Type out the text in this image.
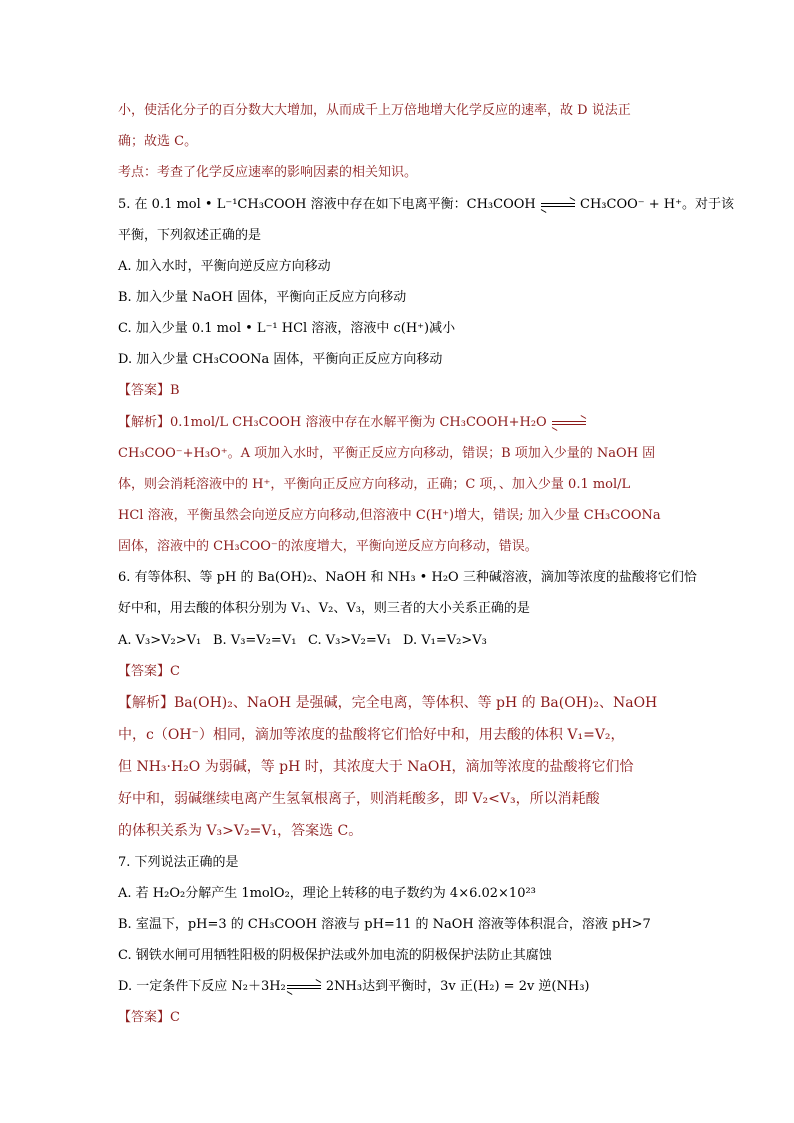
小，使活化分子的百分数大大增加，从而成千上万倍地增大化学反应的速率，故 D 说法正
确；故选 C。
考点：考查了化学反应速率的影响因素的相关知识。
5. 在 0.1 mol • L⁻¹CH₃COOH 溶液中存在如下电离平衡：CH₃COOH	CH₃COO⁻ + H⁺。对于该
平衡，下列叙述正确的是
A. 加入水时，平衡向逆反应方向移动
B. 加入少量 NaOH 固体，平衡向正反应方向移动
C. 加入少量 0.1 mol • L⁻¹ HCl 溶液，溶液中 c(H⁺)减小
D. 加入少量 CH₃COONa 固体，平衡向正反应方向移动
【答案】B
【解析】0.1mol/L CH₃COOH 溶液中存在水解平衡为 CH₃COOH+H₂O
CH₃COO⁻+H₃O⁺。A 项加入水时，平衡正反应方向移动，错误；B 项加入少量的 NaOH 固
体，则会消耗溶液中的 H⁺，平衡向正反应方向移动，正确；C 项，、加入少量 0.1 mol/L
HCl 溶液，平衡虽然会向逆反应方向移动,但溶液中 C(H⁺)增大，错误; 加入少量 CH₃COONa
固体，溶液中的 CH₃COO⁻的浓度增大，平衡向逆反应方向移动，错误。
6. 有等体积、等 pH 的 Ba(OH)₂、NaOH 和 NH₃ • H₂O 三种碱溶液，滴加等浓度的盐酸将它们恰
好中和，用去酸的体积分别为 V₁、V₂、V₃，则三者的大小关系正确的是
A. V₃>V₂>V₁ B. V₃=V₂=V₁ C. V₃>V₂=V₁ D. V₁=V₂>V₃
【答案】C
【解析】Ba(OH)₂、NaOH 是强碱，完全电离，等体积、等 pH 的 Ba(OH)₂、NaOH
中，c（OH⁻）相同，滴加等浓度的盐酸将它们恰好中和，用去酸的体积 V₁=V₂，
但 NH₃·H₂O 为弱碱，等 pH 时，其浓度大于 NaOH，滴加等浓度的盐酸将它们恰
好中和，弱碱继续电离产生氢氧根离子，则消耗酸多，即 V₂<V₃，所以消耗酸
的体积关系为 V₃>V₂=V₁，答案选 C。
7. 下列说法正确的是
A. 若 H₂O₂分解产生 1molO₂，理论上转移的电子数约为 4×6.02×10²³
B. 室温下，pH=3 的 CH₃COOH 溶液与 pH=11 的 NaOH 溶液等体积混合，溶液 pH>7
C. 钢铁水闸可用牺牲阳极的阴极保护法或外加电流的阴极保护法防止其腐蚀
D. 一定条件下反应 N₂＋3H₂	2NH₃达到平衡时，3v 正(H₂) = 2v 逆(NH₃)
【答案】C
